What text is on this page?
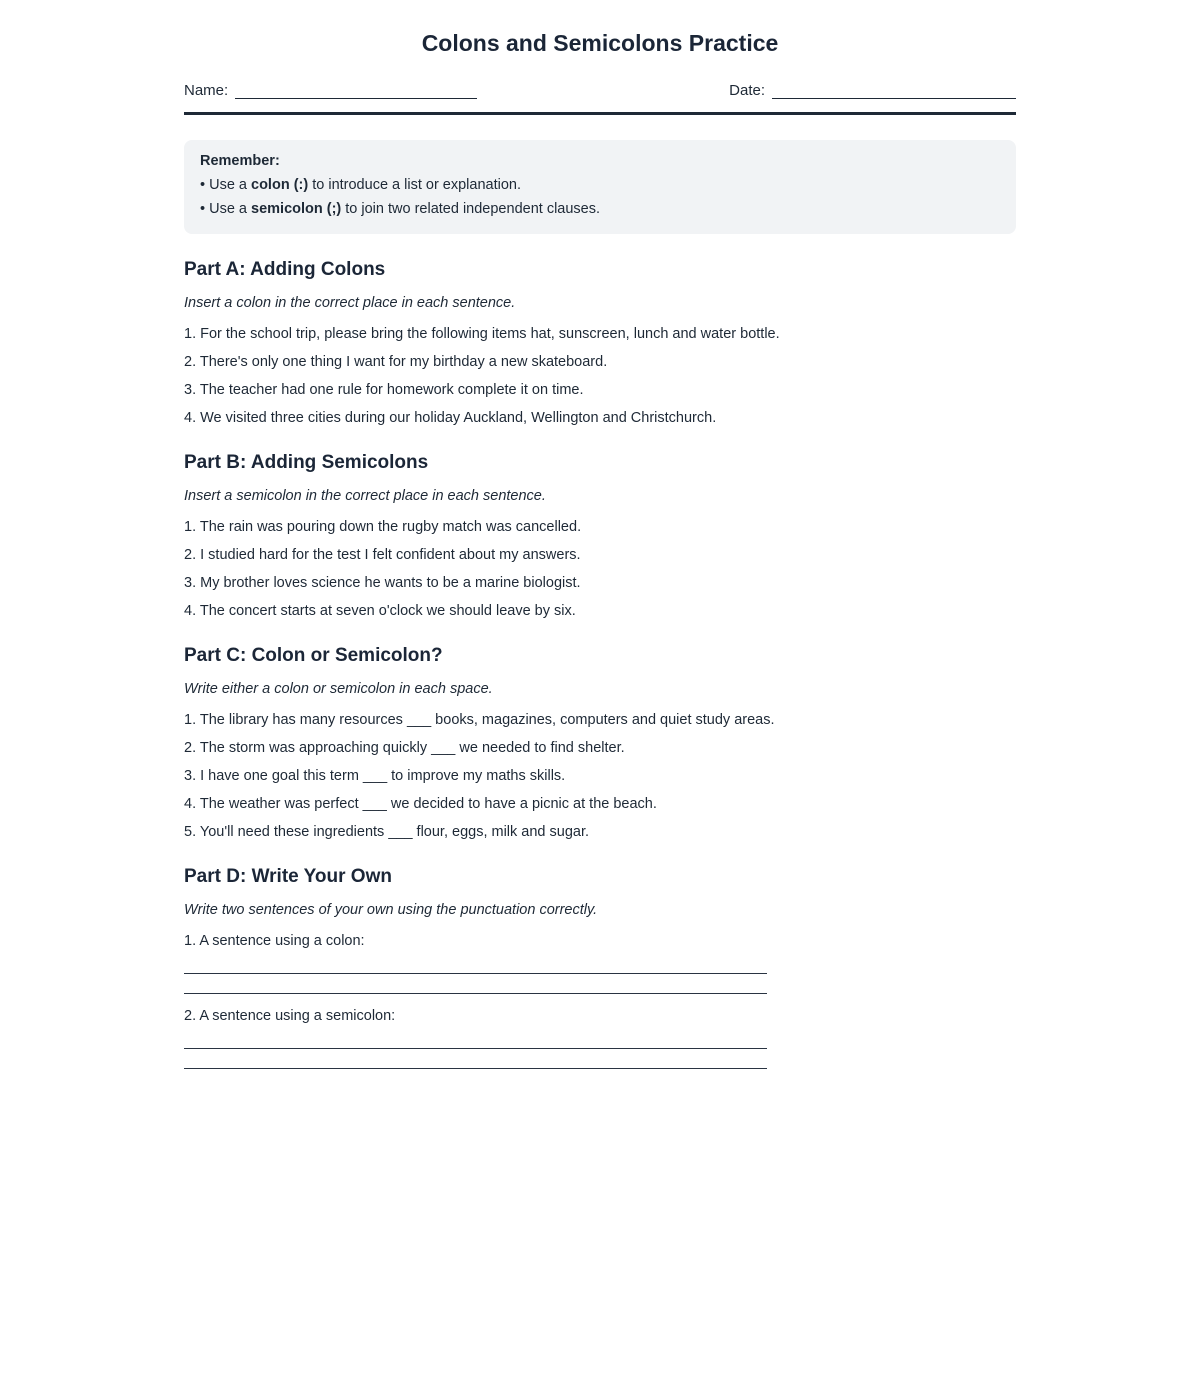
Colons and Semicolons Practice
Name:	Date:
Remember:
• Use a colon (:) to introduce a list or explanation.
• Use a semicolon (;) to join two related independent clauses.
Part A: Adding Colons
Insert a colon in the correct place in each sentence.
1. For the school trip, please bring the following items hat, sunscreen, lunch and water bottle.
2. There's only one thing I want for my birthday a new skateboard.
3. The teacher had one rule for homework complete it on time.
4. We visited three cities during our holiday Auckland, Wellington and Christchurch.
Part B: Adding Semicolons
Insert a semicolon in the correct place in each sentence.
1. The rain was pouring down the rugby match was cancelled.
2. I studied hard for the test I felt confident about my answers.
3. My brother loves science he wants to be a marine biologist.
4. The concert starts at seven o'clock we should leave by six.
Part C: Colon or Semicolon?
Write either a colon or semicolon in each space.
1. The library has many resources ___ books, magazines, computers and quiet study areas.
2. The storm was approaching quickly ___ we needed to find shelter.
3. I have one goal this term ___ to improve my maths skills.
4. The weather was perfect ___ we decided to have a picnic at the beach.
5. You'll need these ingredients ___ flour, eggs, milk and sugar.
Part D: Write Your Own
Write two sentences of your own using the punctuation correctly.
1. A sentence using a colon:
2. A sentence using a semicolon:
